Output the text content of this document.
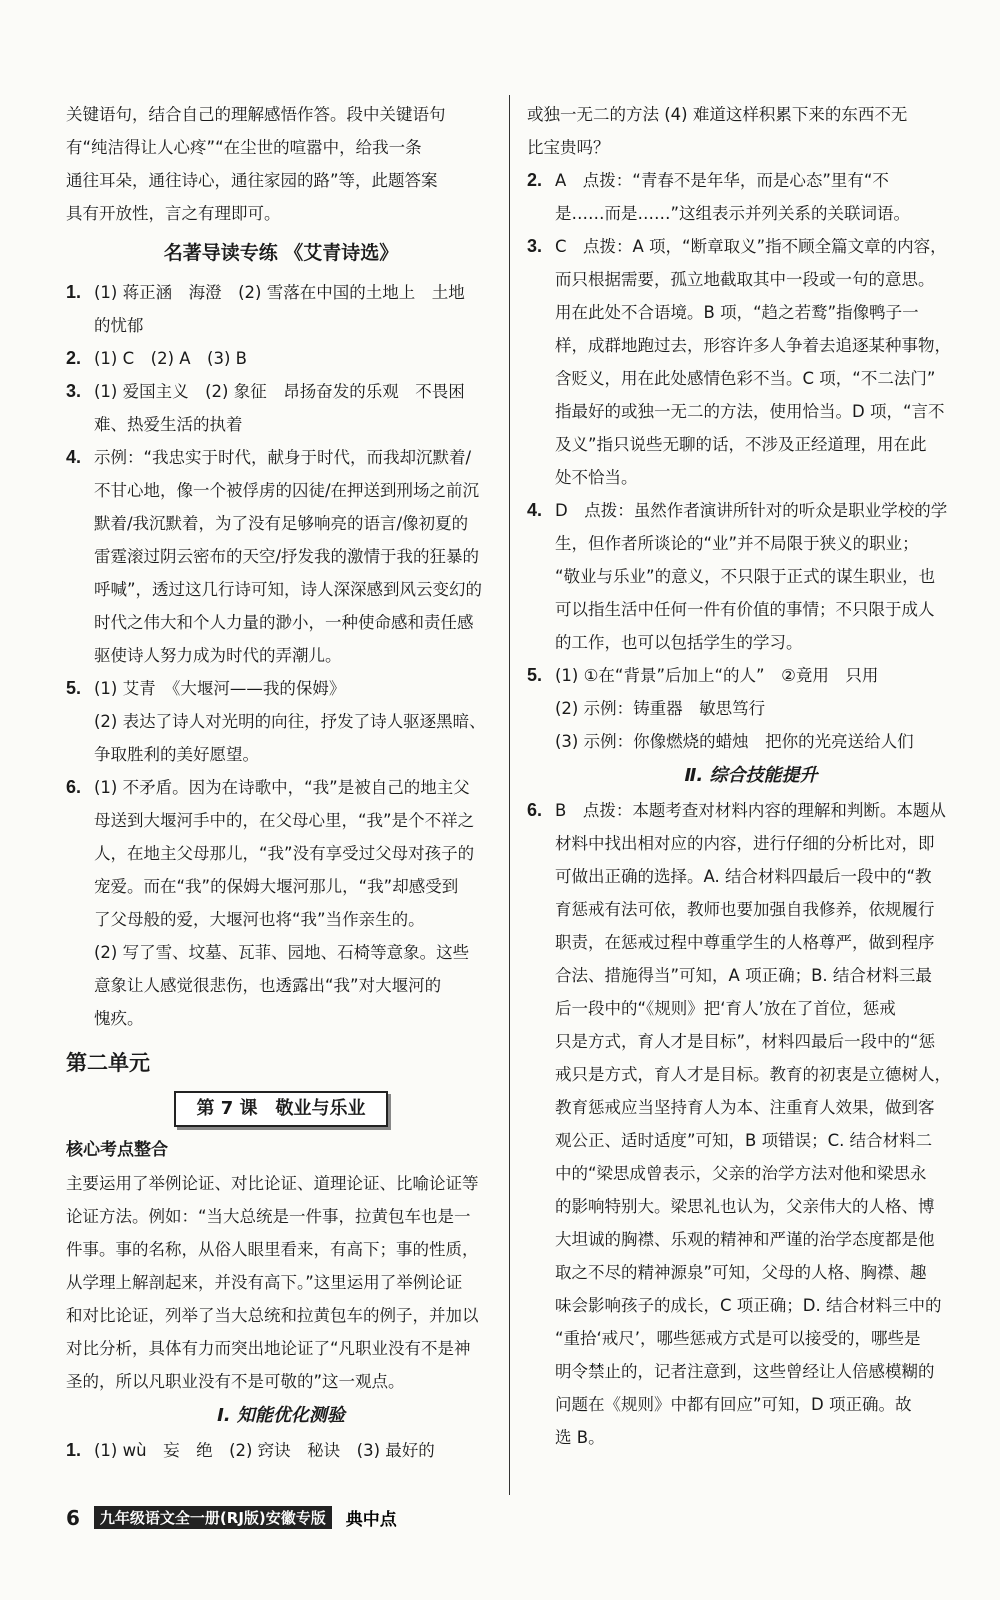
关键语句，结合自己的理解感悟作答。段中关键语句

有“纯洁得让人心疼”“在尘世的喧嚣中，给我一条

通往耳朵，通往诗心，通往家园的路”等，此题答案

具有开放性，言之有理即可。

名著导读专练 《艾青诗选》
1. (1) 蒋正涵　海澄　(2) 雪落在中国的土地上　土地

的忧郁

2. (1) C　(2) A　(3) B

3. (1) 爱国主义　(2) 象征　昂扬奋发的乐观　不畏困

难、热爱生活的执着

4. 示例：“我忠实于时代，献身于时代，而我却沉默着/

不甘心地，像一个被俘虏的囚徒/在押送到刑场之前沉

默着/我沉默着，为了没有足够响亮的语言/像初夏的

雷霆滚过阴云密布的天空/抒发我的激情于我的狂暴的

呼喊”，透过这几行诗可知，诗人深深感到风云变幻的

时代之伟大和个人力量的渺小，一种使命感和责任感

驱使诗人努力成为时代的弄潮儿。

5. (1) 艾青　《大堰河——我的保姆》

(2) 表达了诗人对光明的向往，抒发了诗人驱逐黑暗、

争取胜利的美好愿望。

6. (1) 不矛盾。因为在诗歌中，“我”是被自己的地主父

母送到大堰河手中的，在父母心里，“我”是个不祥之

人，在地主父母那儿，“我”没有享受过父母对孩子的

宠爱。而在“我”的保姆大堰河那儿，“我”却感受到

了父母般的爱，大堰河也将“我”当作亲生的。

(2) 写了雪、坟墓、瓦菲、园地、石椅等意象。这些

意象让人感觉很悲伤，也透露出“我”对大堰河的

愧疚。

第二单元
第 7 课　敬业与乐业
核心考点整合

主要运用了举例论证、对比论证、道理论证、比喻论证等

论证方法。例如：“当大总统是一件事，拉黄包车也是一

件事。事的名称，从俗人眼里看来，有高下；事的性质，

从学理上解剖起来，并没有高下。”这里运用了举例论证

和对比论证，列举了当大总统和拉黄包车的例子，并加以

对比分析，具体有力而突出地论证了“凡职业没有不是神

圣的，所以凡职业没有不是可敬的”这一观点。

Ⅰ. 知能优化测验
1. (1) wù　妄　绝　(2) 窍诀　秘诀　(3) 最好的

或独一无二的方法 (4) 难道这样积累下来的东西不无

比宝贵吗？

2. A　点拨：“青春不是年华，而是心态”里有“不

是……而是……”这组表示并列关系的关联词语。

3. C　点拨：A 项，“断章取义”指不顾全篇文章的内容，

而只根据需要，孤立地截取其中一段或一句的意思。

用在此处不合语境。B 项，“趋之若鹜”指像鸭子一

样，成群地跑过去，形容许多人争着去追逐某种事物，

含贬义，用在此处感情色彩不当。C 项，“不二法门”

指最好的或独一无二的方法，使用恰当。D 项，“言不

及义”指只说些无聊的话，不涉及正经道理，用在此

处不恰当。

4. D　点拨：虽然作者演讲所针对的听众是职业学校的学

生，但作者所谈论的“业”并不局限于狭义的职业；

“敬业与乐业”的意义，不只限于正式的谋生职业，也

可以指生活中任何一件有价值的事情；不只限于成人

的工作，也可以包括学生的学习。

5. (1) ①在“背景”后加上“的人”　②竟用　只用

(2) 示例：铸重器　敏思笃行

(3) 示例：你像燃烧的蜡烛　把你的光亮送给人们

Ⅱ. 综合技能提升
6. B　点拨：本题考查对材料内容的理解和判断。本题从

材料中找出相对应的内容，进行仔细的分析比对，即

可做出正确的选择。A. 结合材料四最后一段中的“教

育惩戒有法可依，教师也要加强自我修养，依规履行

职责，在惩戒过程中尊重学生的人格尊严，做到程序

合法、措施得当”可知，A 项正确；B. 结合材料三最

后一段中的“《规则》把‘育人’放在了首位，惩戒

只是方式，育人才是目标”，材料四最后一段中的“惩

戒只是方式，育人才是目标。教育的初衷是立德树人，

教育惩戒应当坚持育人为本、注重育人效果，做到客

观公正、适时适度”可知，B 项错误；C. 结合材料二

中的“梁思成曾表示，父亲的治学方法对他和梁思永

的影响特别大。梁思礼也认为，父亲伟大的人格、博

大坦诚的胸襟、乐观的精神和严谨的治学态度都是他

取之不尽的精神源泉”可知，父母的人格、胸襟、趣

味会影响孩子的成长，C 项正确；D. 结合材料三中的

“重拾‘戒尺’，哪些惩戒方式是可以接受的，哪些是

明令禁止的，记者注意到，这些曾经让人倍感模糊的

问题在《规则》中都有回应”可知，D 项正确。故

选 B。

6	九年级语文全一册(RJ版)安徽专版	典中点
